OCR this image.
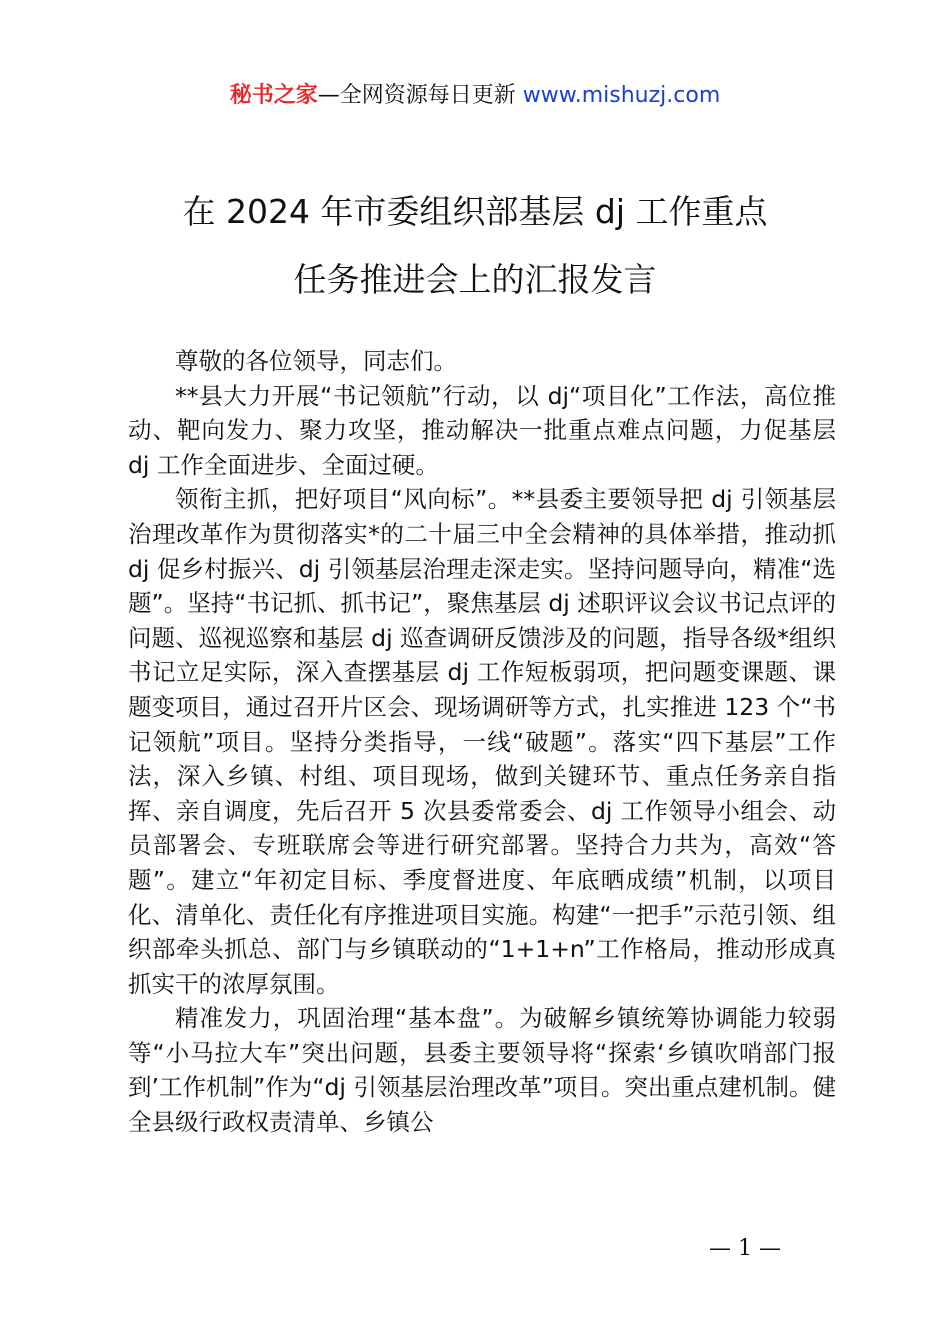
秘书之家—全网资源每日更新 www.mishuzj.com
在 2024 年市委组织部基层 dj 工作重点
任务推进会上的汇报发言

尊敬的各位领导，同志们。

**县大力开展“书记领航”行动，以 dj“项目化”工作法，高位推动、靶向发力、聚力攻坚，推动解决一批重点难点问题，力促基层 dj 工作全面进步、全面过硬。

领衔主抓，把好项目“风向标”。**县委主要领导把 dj 引领基层治理改革作为贯彻落实*的二十届三中全会精神的具体举措，推动抓 dj 促乡村振兴、dj 引领基层治理走深走实。坚持问题导向，精准“选题”。坚持“书记抓、抓书记”，聚焦基层 dj 述职评议会议书记点评的问题、巡视巡察和基层 dj 巡查调研反馈涉及的问题，指导各级*组织书记立足实际，深入查摆基层 dj 工作短板弱项，把问题变课题、课题变项目，通过召开片区会、现场调研等方式，扎实推进 123 个“书记领航”项目。坚持分类指导，一线“破题”。落实“四下基层”工作法，深入乡镇、村组、项目现场，做到关键环节、重点任务亲自指挥、亲自调度，先后召开 5 次县委常委会、dj 工作领导小组会、动员部署会、专班联席会等进行研究部署。坚持合力共为，高效“答题”。建立“年初定目标、季度督进度、年底晒成绩”机制，以项目化、清单化、责任化有序推进项目实施。构建“一把手”示范引领、组织部牵头抓总、部门与乡镇联动的“1+1+n”工作格局，推动形成真抓实干的浓厚氛围。

精准发力，巩固治理“基本盘”。为破解乡镇统筹协调能力较弱等“小马拉大车”突出问题，县委主要领导将“探索‘乡镇吹哨部门报到’工作机制”作为“dj 引领基层治理改革”项目。突出重点建机制。健全县级行政权责清单、乡镇公

— 1 —
